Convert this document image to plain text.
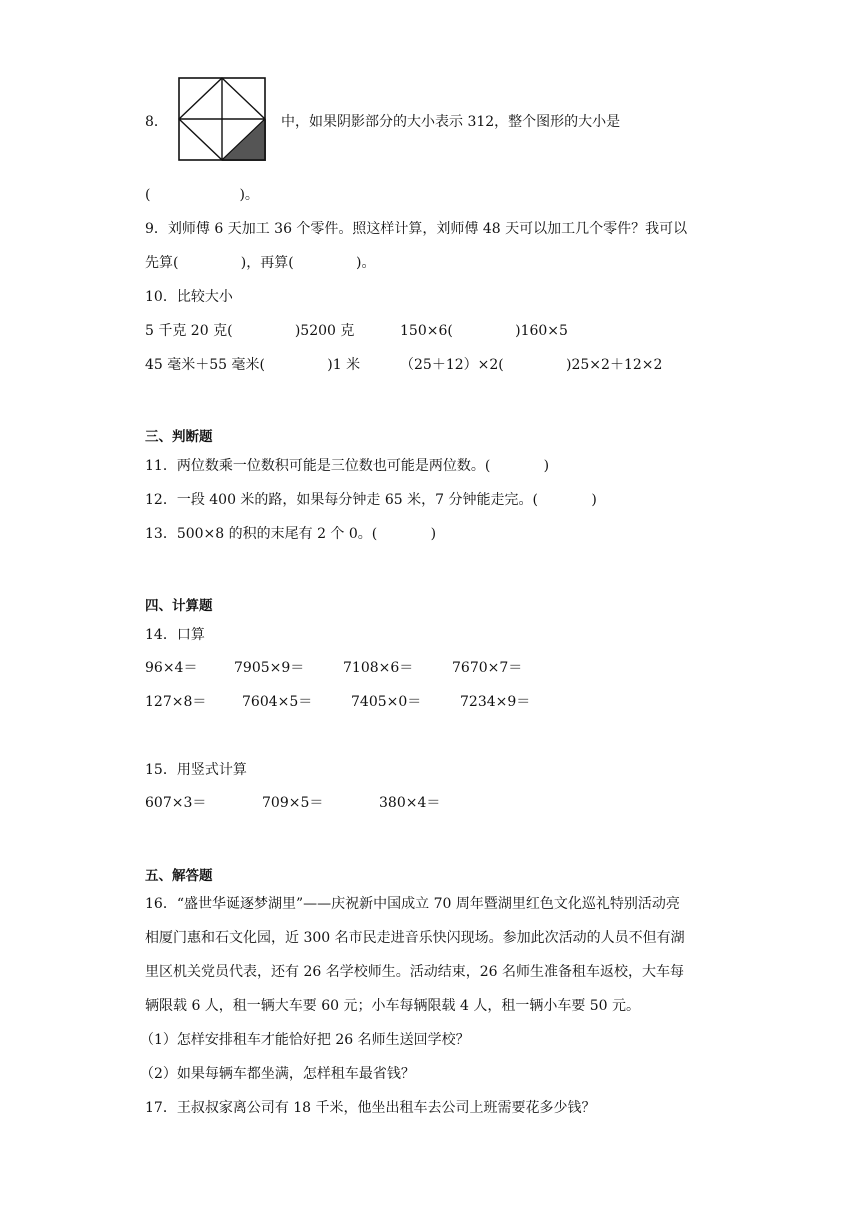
8．	中，如果阴影部分的大小表示 312，整个图形的大小是
(                    )。
9．刘师傅 6 天加工 36 个零件。照这样计算，刘师傅 48 天可以加工几个零件？我可以
先算(              )，再算(              )。
10．比较大小
5 千克 20 克(              )5200 克	150×6(              )160×5
45 毫米＋55 毫米(              )1 米	（25＋12）×2(              )25×2＋12×2
三、判断题
11．两位数乘一位数积可能是三位数也可能是两位数。(            )
12．一段 400 米的路，如果每分钟走 65 米，7 分钟能走完。(            )
13．500×8 的积的末尾有 2 个 0。(            )
四、计算题
14．口算
96×4＝	7905×9＝	7108×6＝	7670×7＝
127×8＝	7604×5＝	7405×0＝	7234×9＝
15．用竖式计算
607×3＝	709×5＝	380×4＝
五、解答题
16．“盛世华诞逐梦湖里”——庆祝新中国成立 70 周年暨湖里红色文化巡礼特别活动亮
相厦门惠和石文化园，近 300 名市民走进音乐快闪现场。参加此次活动的人员不但有湖
里区机关党员代表，还有 26 名学校师生。活动结束，26 名师生准备租车返校，大车每
辆限载 6 人，租一辆大车要 60 元；小车每辆限载 4 人，租一辆小车要 50 元。
（1）怎样安排租车才能恰好把 26 名师生送回学校？
（2）如果每辆车都坐满，怎样租车最省钱？
17．王叔叔家离公司有 18 千米，他坐出租车去公司上班需要花多少钱？
